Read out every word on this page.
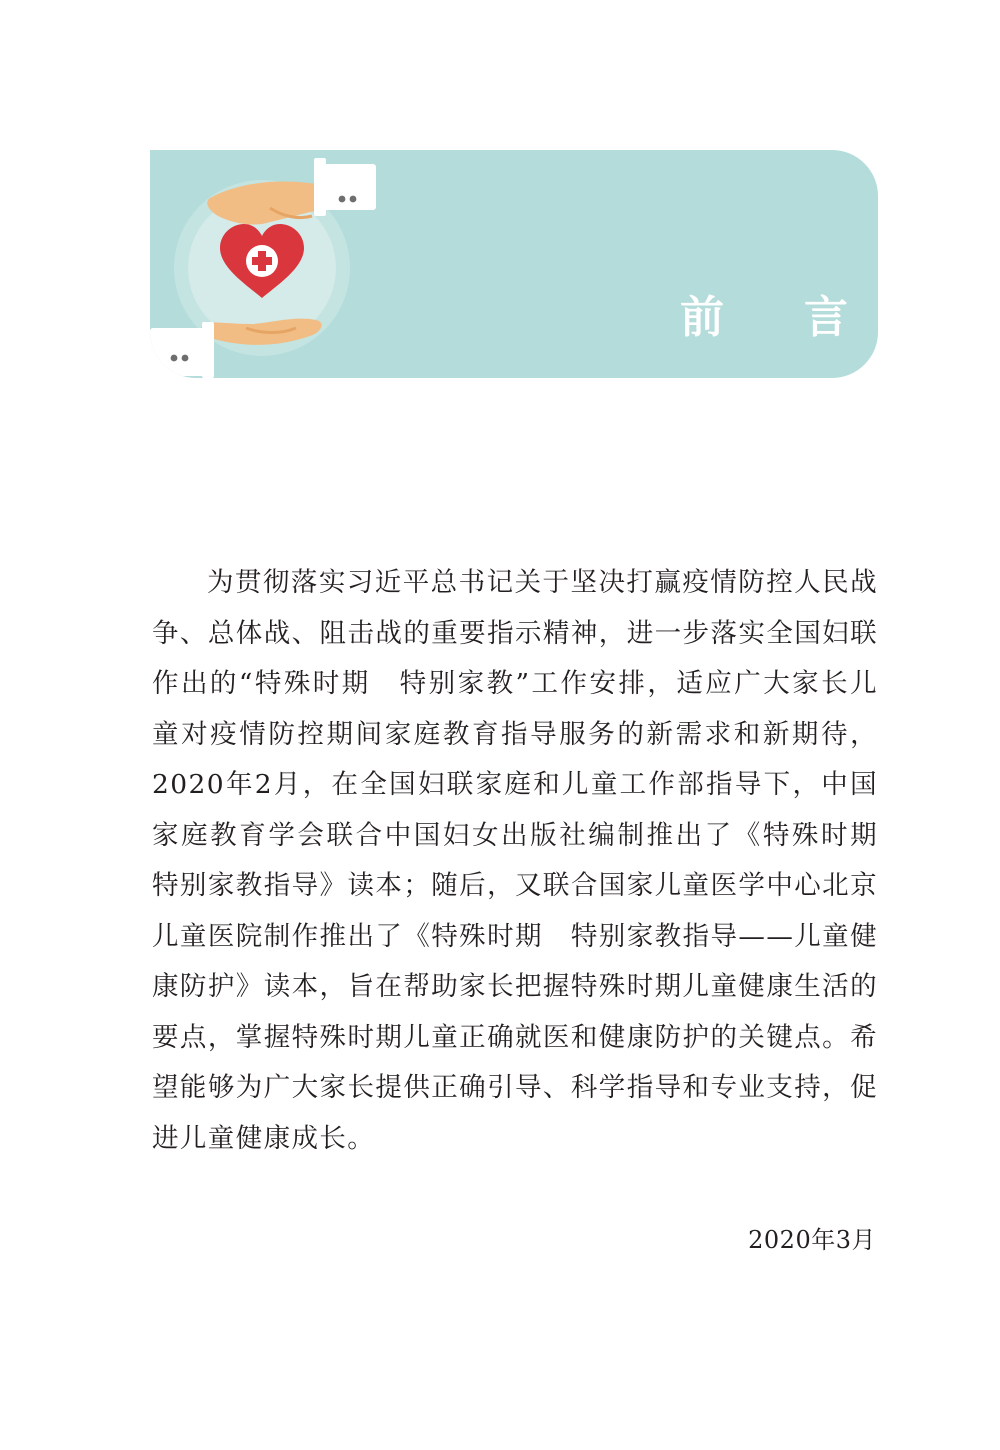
前 言

为贯彻落实习近平总书记关于坚决打赢疫情防控人民战争、总体战、阻击战的重要指示精神，进一步落实全国妇联作出的“特殊时期　特别家教”工作安排，适应广大家长儿童对疫情防控期间家庭教育指导服务的新需求和新期待，2020年2月，在全国妇联家庭和儿童工作部指导下，中国家庭教育学会联合中国妇女出版社编制推出了《特殊时期　特别家教指导》读本；随后，又联合国家儿童医学中心北京儿童医院制作推出了《特殊时期　特别家教指导——儿童健康防护》读本，旨在帮助家长把握特殊时期儿童健康生活的要点，掌握特殊时期儿童正确就医和健康防护的关键点。希望能够为广大家长提供正确引导、科学指导和专业支持，促进儿童健康成长。

2020年3月
